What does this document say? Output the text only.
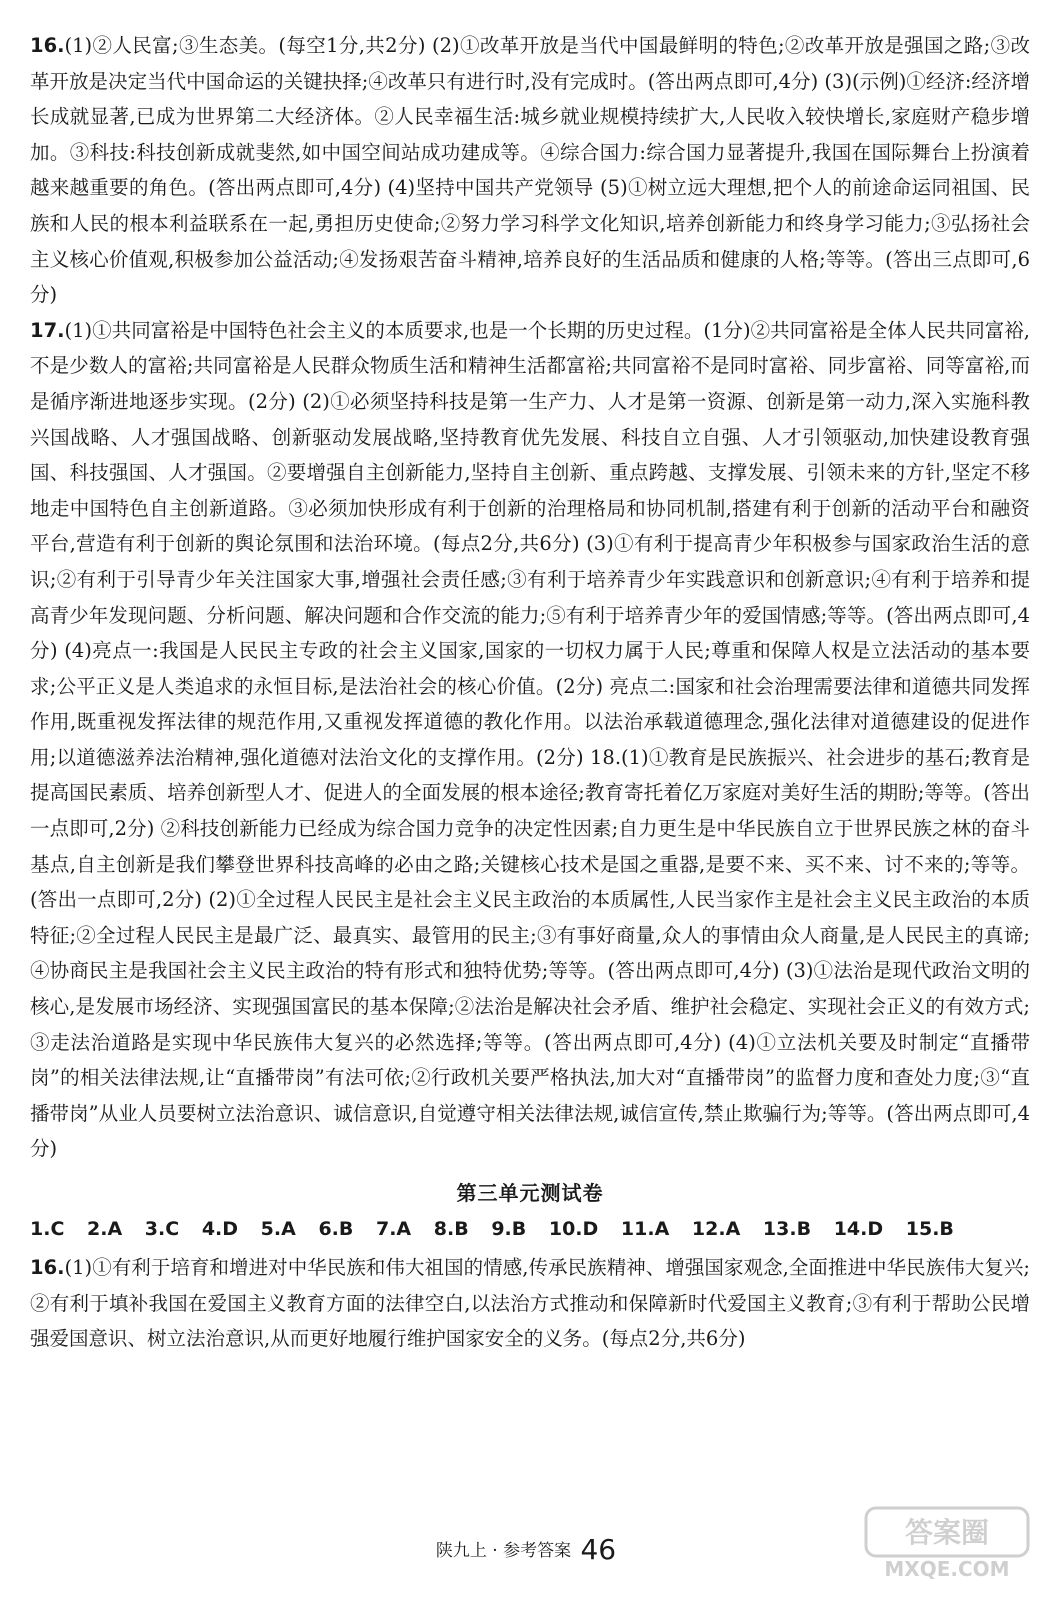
16.(1)②人民富;③生态美。(每空1分,共2分) (2)①改革开放是当代中国最鲜明的特色;②改革开放是强国之路;③改革开放是决定当代中国命运的关键抉择;④改革只有进行时,没有完成时。(答出两点即可,4分) (3)(示例)①经济:经济增长成就显著,已成为世界第二大经济体。②人民幸福生活:城乡就业规模持续扩大,人民收入较快增长,家庭财产稳步增加。③科技:科技创新成就斐然,如中国空间站成功建成等。④综合国力:综合国力显著提升,我国在国际舞台上扮演着越来越重要的角色。(答出两点即可,4分) (4)坚持中国共产党领导 (5)①树立远大理想,把个人的前途命运同祖国、民族和人民的根本利益联系在一起,勇担历史使命;②努力学习科学文化知识,培养创新能力和终身学习能力;③弘扬社会主义核心价值观,积极参加公益活动;④发扬艰苦奋斗精神,培养良好的生活品质和健康的人格;等等。(答出三点即可,6分)

17.(1)①共同富裕是中国特色社会主义的本质要求,也是一个长期的历史过程。(1分)②共同富裕是全体人民共同富裕,不是少数人的富裕;共同富裕是人民群众物质生活和精神生活都富裕;共同富裕不是同时富裕、同步富裕、同等富裕,而是循序渐进地逐步实现。(2分) (2)①必须坚持科技是第一生产力、人才是第一资源、创新是第一动力,深入实施科教兴国战略、人才强国战略、创新驱动发展战略,坚持教育优先发展、科技自立自强、人才引领驱动,加快建设教育强国、科技强国、人才强国。②要增强自主创新能力,坚持自主创新、重点跨越、支撑发展、引领未来的方针,坚定不移地走中国特色自主创新道路。③必须加快形成有利于创新的治理格局和协同机制,搭建有利于创新的活动平台和融资平台,营造有利于创新的舆论氛围和法治环境。(每点2分,共6分) (3)①有利于提高青少年积极参与国家政治生活的意识;②有利于引导青少年关注国家大事,增强社会责任感;③有利于培养青少年实践意识和创新意识;④有利于培养和提高青少年发现问题、分析问题、解决问题和合作交流的能力;⑤有利于培养青少年的爱国情感;等等。(答出两点即可,4分) (4)亮点一:我国是人民民主专政的社会主义国家,国家的一切权力属于人民;尊重和保障人权是立法活动的基本要求;公平正义是人类追求的永恒目标,是法治社会的核心价值。(2分) 亮点二:国家和社会治理需要法律和道德共同发挥作用,既重视发挥法律的规范作用,又重视发挥道德的教化作用。以法治承载道德理念,强化法律对道德建设的促进作用;以道德滋养法治精神,强化道德对法治文化的支撑作用。(2分) 18.(1)①教育是民族振兴、社会进步的基石;教育是提高国民素质、培养创新型人才、促进人的全面发展的根本途径;教育寄托着亿万家庭对美好生活的期盼;等等。(答出一点即可,2分) ②科技创新能力已经成为综合国力竞争的决定性因素;自力更生是中华民族自立于世界民族之林的奋斗基点,自主创新是我们攀登世界科技高峰的必由之路;关键核心技术是国之重器,是要不来、买不来、讨不来的;等等。(答出一点即可,2分) (2)①全过程人民民主是社会主义民主政治的本质属性,人民当家作主是社会主义民主政治的本质特征;②全过程人民民主是最广泛、最真实、最管用的民主;③有事好商量,众人的事情由众人商量,是人民民主的真谛;④协商民主是我国社会主义民主政治的特有形式和独特优势;等等。(答出两点即可,4分) (3)①法治是现代政治文明的核心,是发展市场经济、实现强国富民的基本保障;②法治是解决社会矛盾、维护社会稳定、实现社会正义的有效方式;③走法治道路是实现中华民族伟大复兴的必然选择;等等。(答出两点即可,4分) (4)①立法机关要及时制定“直播带岗”的相关法律法规,让“直播带岗”有法可依;②行政机关要严格执法,加大对“直播带岗”的监督力度和查处力度;③“直播带岗”从业人员要树立法治意识、诚信意识,自觉遵守相关法律法规,诚信宣传,禁止欺骗行为;等等。(答出两点即可,4分)

第三单元测试卷
1.C 2.A 3.C 4.D 5.A 6.B 7.A 8.B 9.B 10.D 11.A 12.A 13.B 14.D 15.B

16.(1)①有利于培育和增进对中华民族和伟大祖国的情感,传承民族精神、增强国家观念,全面推进中华民族伟大复兴;②有利于填补我国在爱国主义教育方面的法律空白,以法治方式推动和保障新时代爱国主义教育;③有利于帮助公民增强爱国意识、树立法治意识,从而更好地履行维护国家安全的义务。(每点2分,共6分)

陕九上 · 参考答案 46
答案圈
MXQE.COM
